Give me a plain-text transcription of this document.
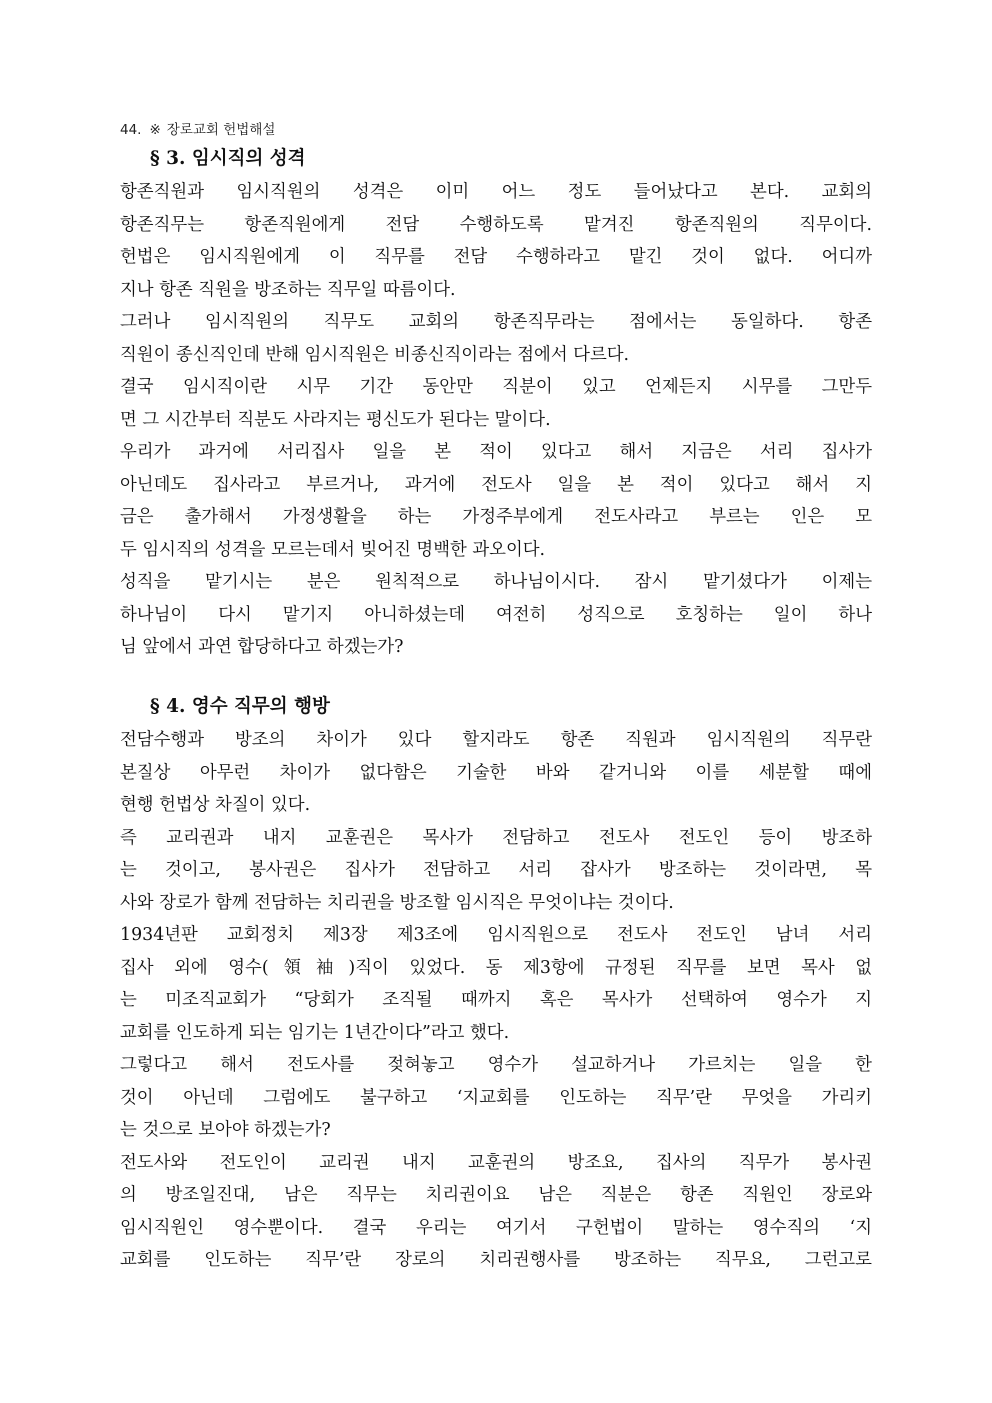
44. ※ 장로교회 헌법해설
§ 3. 임시직의 성격
항존직원과 임시직원의 성격은 이미 어느 정도 들어났다고 본다. 교회의
항존직무는 항존직원에게 전담 수행하도록 맡겨진 항존직원의 직무이다.
헌법은 임시직원에게 이 직무를 전담 수행하라고 맡긴 것이 없다. 어디까
지나 항존 직원을 방조하는 직무일 따름이다.
그러나 임시직원의 직무도 교회의 항존직무라는 점에서는 동일하다. 항존
직원이 종신직인데 반해 임시직원은 비종신직이라는 점에서 다르다.
결국 임시직이란 시무 기간 동안만 직분이 있고 언제든지 시무를 그만두
면 그 시간부터 직분도 사라지는 평신도가 된다는 말이다.
우리가 과거에 서리집사 일을 본 적이 있다고 해서 지금은 서리 집사가
아닌데도 집사라고 부르거나, 과거에 전도사 일을 본 적이 있다고 해서 지
금은 출가해서 가정생활을 하는 가정주부에게 전도사라고 부르는 인은 모
두 임시직의 성격을 모르는데서 빚어진 명백한 과오이다.
성직을 맡기시는 분은 원칙적으로 하나님이시다. 잠시 맡기셨다가 이제는
하나님이 다시 맡기지 아니하셨는데 여전히 성직으로 호칭하는 일이 하나
님 앞에서 과연 합당하다고 하겠는가?
§ 4. 영수 직무의 행방
전담수행과 방조의 차이가 있다 할지라도 항존 직원과 임시직원의 직무란
본질상 아무런 차이가 없다함은 기술한 바와 같거니와 이를 세분할 때에
현행 헌법상 차질이 있다.
즉 교리권과 내지 교훈권은 목사가 전담하고 전도사 전도인 등이 방조하
는 것이고, 봉사권은 집사가 전담하고 서리 잡사가 방조하는 것이라면, 목
사와 장로가 함께 전담하는 치리권을 방조할 임시직은 무엇이냐는 것이다.
1934년판 교회정치 제3장 제3조에 임시직원으로 전도사 전도인 남녀 서리
집사 외에 영수(領袖)직이 있었다. 동 제3항에 규정된 직무를 보면 목사 없
는 미조직교회가 “당회가 조직될 때까지 혹은 목사가 선택하여 영수가 지
교회를 인도하게 되는 임기는 1년간이다”라고 했다.
그렇다고 해서 전도사를 젖혀놓고 영수가 설교하거나 가르치는 일을 한
것이 아닌데 그럼에도 불구하고 ‘지교회를 인도하는 직무’란 무엇을 가리키
는 것으로 보아야 하겠는가?
전도사와 전도인이 교리권 내지 교훈권의 방조요, 집사의 직무가 봉사권
의 방조일진대, 남은 직무는 치리권이요 남은 직분은 항존 직원인 장로와
임시직원인 영수뿐이다. 결국 우리는 여기서 구헌법이 말하는 영수직의 ‘지
교회를 인도하는 직무’란 장로의 치리권행사를 방조하는 직무요, 그런고로
